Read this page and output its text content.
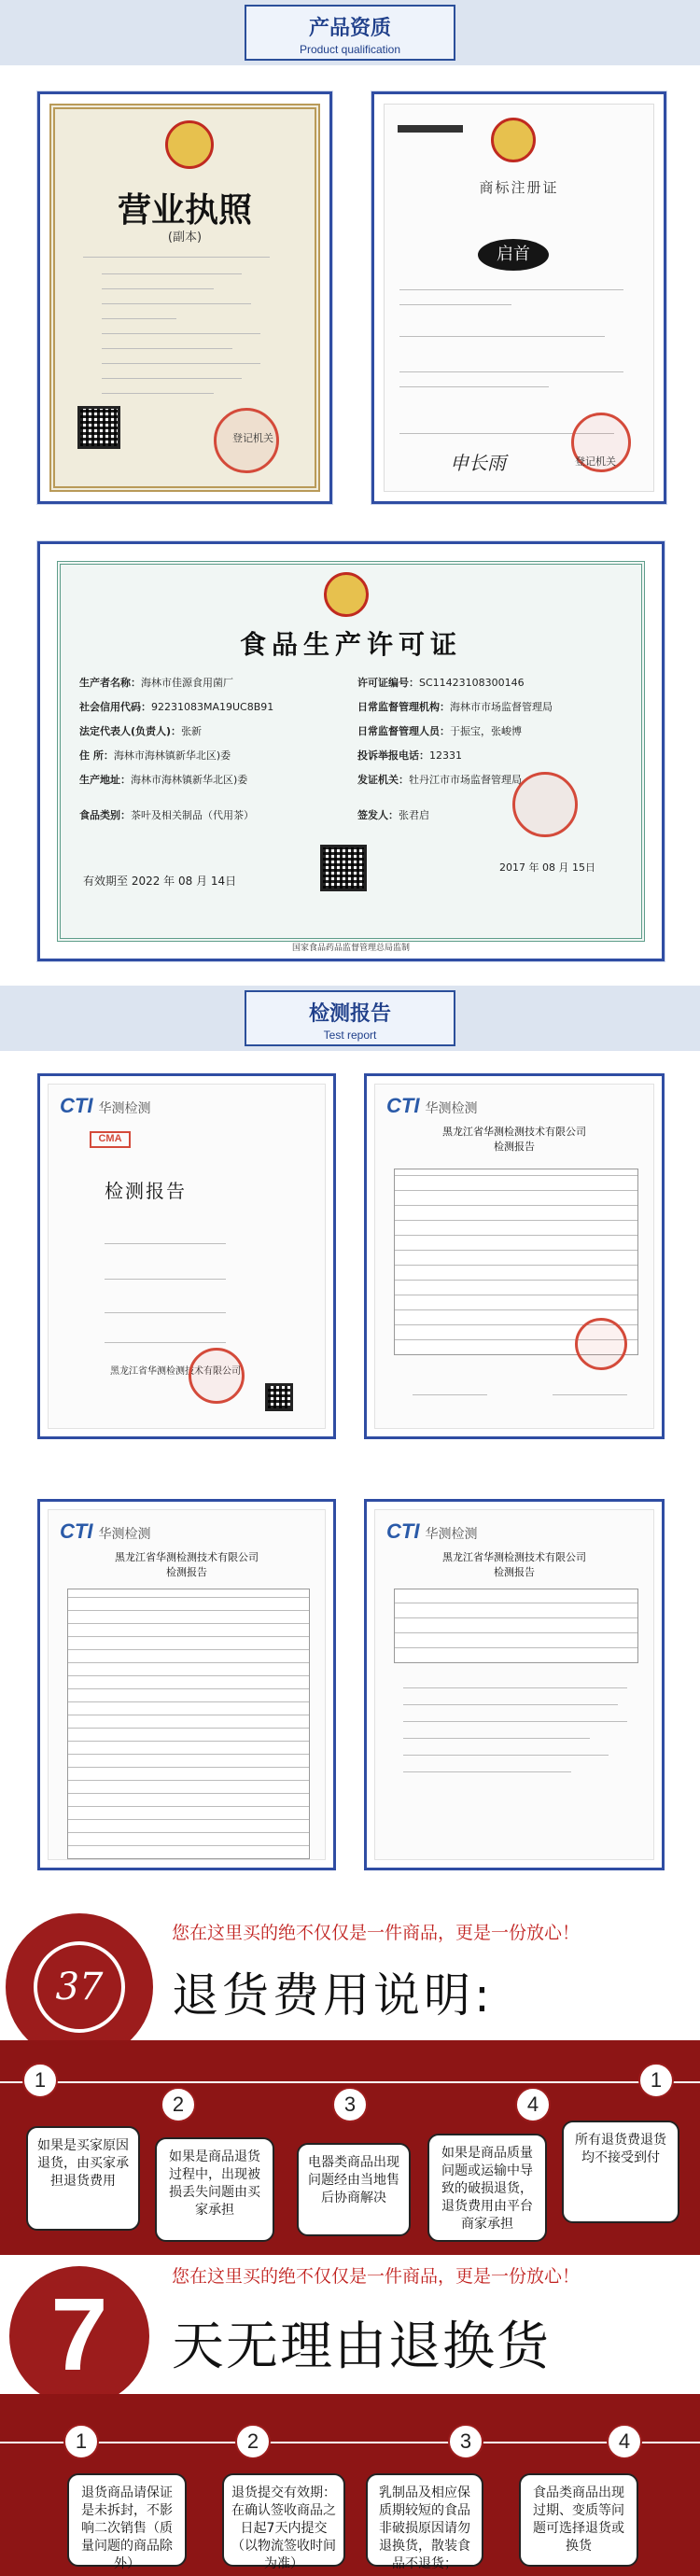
产品资质
Product qualification
营业执照
(副本)
登记机关
商标注册证
启首
申长雨	登记机关
食品生产许可证
生产者名称：海林市佳源食用菌厂
社会信用代码：92231083MA19UC8B91
法定代表人(负责人)：张新
住 所：海林市海林镇新华北区)委
生产地址：海林市海林镇新华北区)委
食品类别：茶叶及相关制品（代用茶）
许可证编号：SC11423108300146
日常监督管理机构：海林市市场监督管理局
日常监督管理人员：于振宝，张峻博
投诉举报电话：12331
发证机关：牡丹江市市场监督管理局
签发人：张君启
2017 年 08 月 15日
有效期至 2022 年 08 月 14日
国家食品药品监督管理总局监制
检测报告
Test report
CTI 华测检测
CMA
检测报告
黑龙江省华测检测技术有限公司
CTI 华测检测
黑龙江省华测检测技术有限公司
检测报告
CTI 华测检测
黑龙江省华测检测技术有限公司
检测报告
CTI 华测检测
黑龙江省华测检测技术有限公司
检测报告
37
您在这里买的绝不仅仅是一件商品，更是一份放心！
退货费用说明:
1
2	3	4
1
如果是买家原因退货，由买家承担退货费用
如果是商品退货过程中，出现被损丢失问题由买家承担
电器类商品出现问题经由当地售后协商解决
如果是商品质量问题或运输中导致的破损退货，退货费用由平台商家承担
所有退货费退货均不接受到付
7
您在这里买的绝不仅仅是一件商品，更是一份放心！
天无理由退换货
1	2	3	4
退货商品请保证是未拆封，不影响二次销售（质量问题的商品除外）
退货提交有效期：在确认签收商品之日起7天内提交（以物流签收时间为准）
乳制品及相应保质期较短的食品非破损原因请勿退换货，散装食品不退货；
食品类商品出现过期、变质等问题可选择退货或换货
